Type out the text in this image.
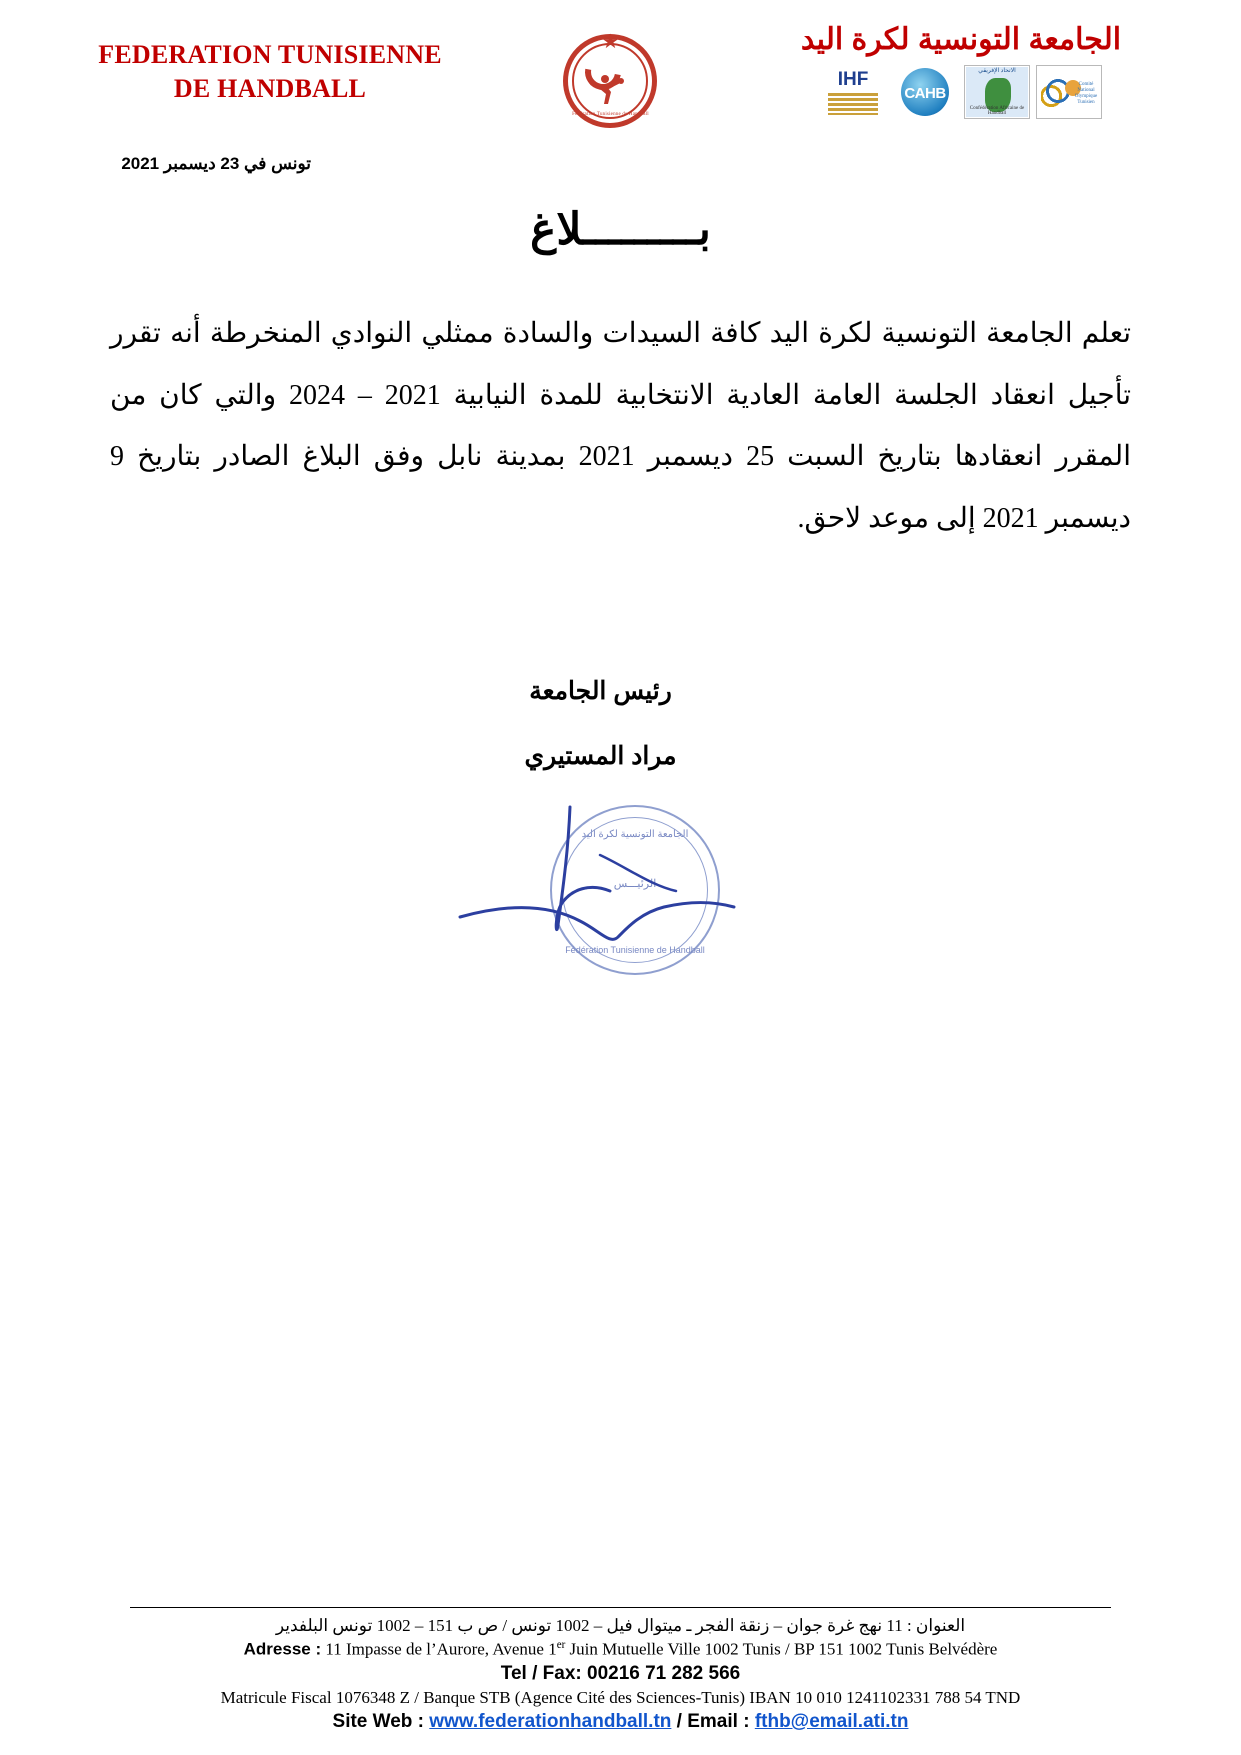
FEDERATION TUNISIENNE
DE HANDBALL
★
Fédération Tunisienne de Handball
الجامعة التونسية لكرة اليد
IHF
CAHB
الاتحاد الإفريقي
Confédération Africaine de Handball
Comité National Olympique Tunisien
تونس في 23 ديسمبر 2021
بـــــــــلاغ
تعلم الجامعة التونسية لكرة اليد كافة السيدات والسادة ممثلي النوادي المنخرطة أنه تقرر تأجيل انعقاد الجلسة العامة العادية الانتخابية للمدة النيابية 2021 – 2024 والتي كان من المقرر انعقادها بتاريخ السبت 25 ديسمبر 2021 بمدينة نابل وفق البلاغ الصادر بتاريخ 9 ديسمبر 2021 إلى موعد لاحق.
رئيس الجامعة
مراد المستيري
الجامعة التونسية لكرة اليد
الرئيـــس
Fédération Tunisienne de Handball
العنوان : 11 نهج غرة جوان – زنقة الفجر ـ ميتوال فيل – 1002 تونس / ص ب 151 – 1002 تونس البلفدير
Adresse : 11 Impasse de l’Aurore, Avenue 1er Juin Mutuelle Ville 1002 Tunis / BP 151 1002 Tunis Belvédère
Tel / Fax: 00216 71 282 566
Matricule Fiscal 1076348 Z / Banque STB (Agence Cité des Sciences-Tunis) IBAN 10 010 1241102331 788 54 TND
Site Web : www.federationhandball.tn / Email : fthb@email.ati.tn
